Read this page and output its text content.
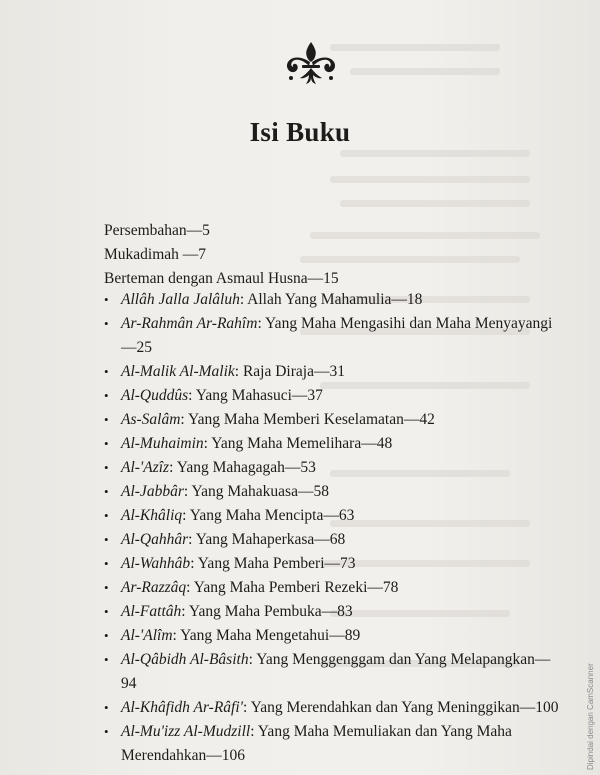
Isi Buku
Persembahan—5
Mukadimah —7
Berteman dengan Asmaul Husna—15
• Allâh Jalla Jalâluh: Allah Yang Mahamulia—18
• Ar-Rahmân Ar-Rahîm: Yang Maha Mengasihi dan Maha Menyayangi—25
• Al-Malik Al-Malik: Raja Diraja—31
• Al-Quddûs: Yang Mahasuci—37
• As-Salâm: Yang Maha Memberi Keselamatan—42
• Al-Muhaimin: Yang Maha Memelihara—48
• Al-'Azîz: Yang Mahagagah—53
• Al-Jabbâr: Yang Mahakuasa—58
• Al-Khâliq: Yang Maha Mencipta—63
• Al-Qahhâr: Yang Mahaperkasa—68
• Al-Wahhâb: Yang Maha Pemberi—73
• Ar-Razzâq: Yang Maha Pemberi Rezeki—78
• Al-Fattâh: Yang Maha Pembuka—83
• Al-'Alîm: Yang Maha Mengetahui—89
• Al-Qâbidh Al-Bâsith: Yang Menggenggam dan Yang Melapangkan—94
• Al-Khâfidh Ar-Râfi': Yang Merendahkan dan Yang Meninggikan—100
• Al-Mu'izz Al-Mudzill: Yang Maha Memuliakan dan Yang Maha Merendahkan—106	Dipindai dengan CamScanner
